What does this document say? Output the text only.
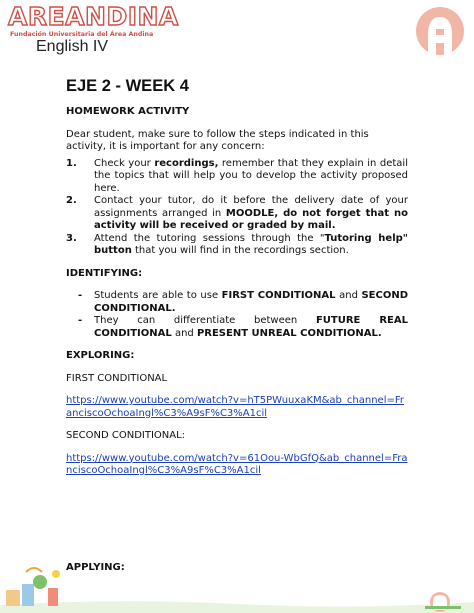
AREANDINA
Fundación Universitaria del Área Andina
English IV
EJE 2 - WEEK 4

HOMEWORK ACTIVITY

Dear student, make sure to follow the steps indicated in this activity, it is important for any concern:

1.	Check your recordings, remember that they explain in detail the topics that will help you to develop the activity proposed here.
2.	Contact your tutor, do it before the delivery date of your assignments arranged in MOODLE, do not forget that no activity will be received or graded by mail.
3.	Attend the tutoring sessions through the "Tutoring help" button that you will find in the recordings section.

IDENTIFYING:

-	Students are able to use FIRST CONDITIONAL and SECOND CONDITIONAL.
-	They can differentiate between FUTURE REAL CONDITIONAL and PRESENT UNREAL CONDITIONAL.

EXPLORING:

FIRST CONDITIONAL

https://www.youtube.com/watch?v=hT5PWuuxaKM&ab_channel=FranciscoOchoaIngl%C3%A9sF%C3%A1cil

SECOND CONDITIONAL:

https://www.youtube.com/watch?v=61Oou-WbGfQ&ab_channel=FranciscoOchoaIngl%C3%A9sF%C3%A1cil

APPLYING:
